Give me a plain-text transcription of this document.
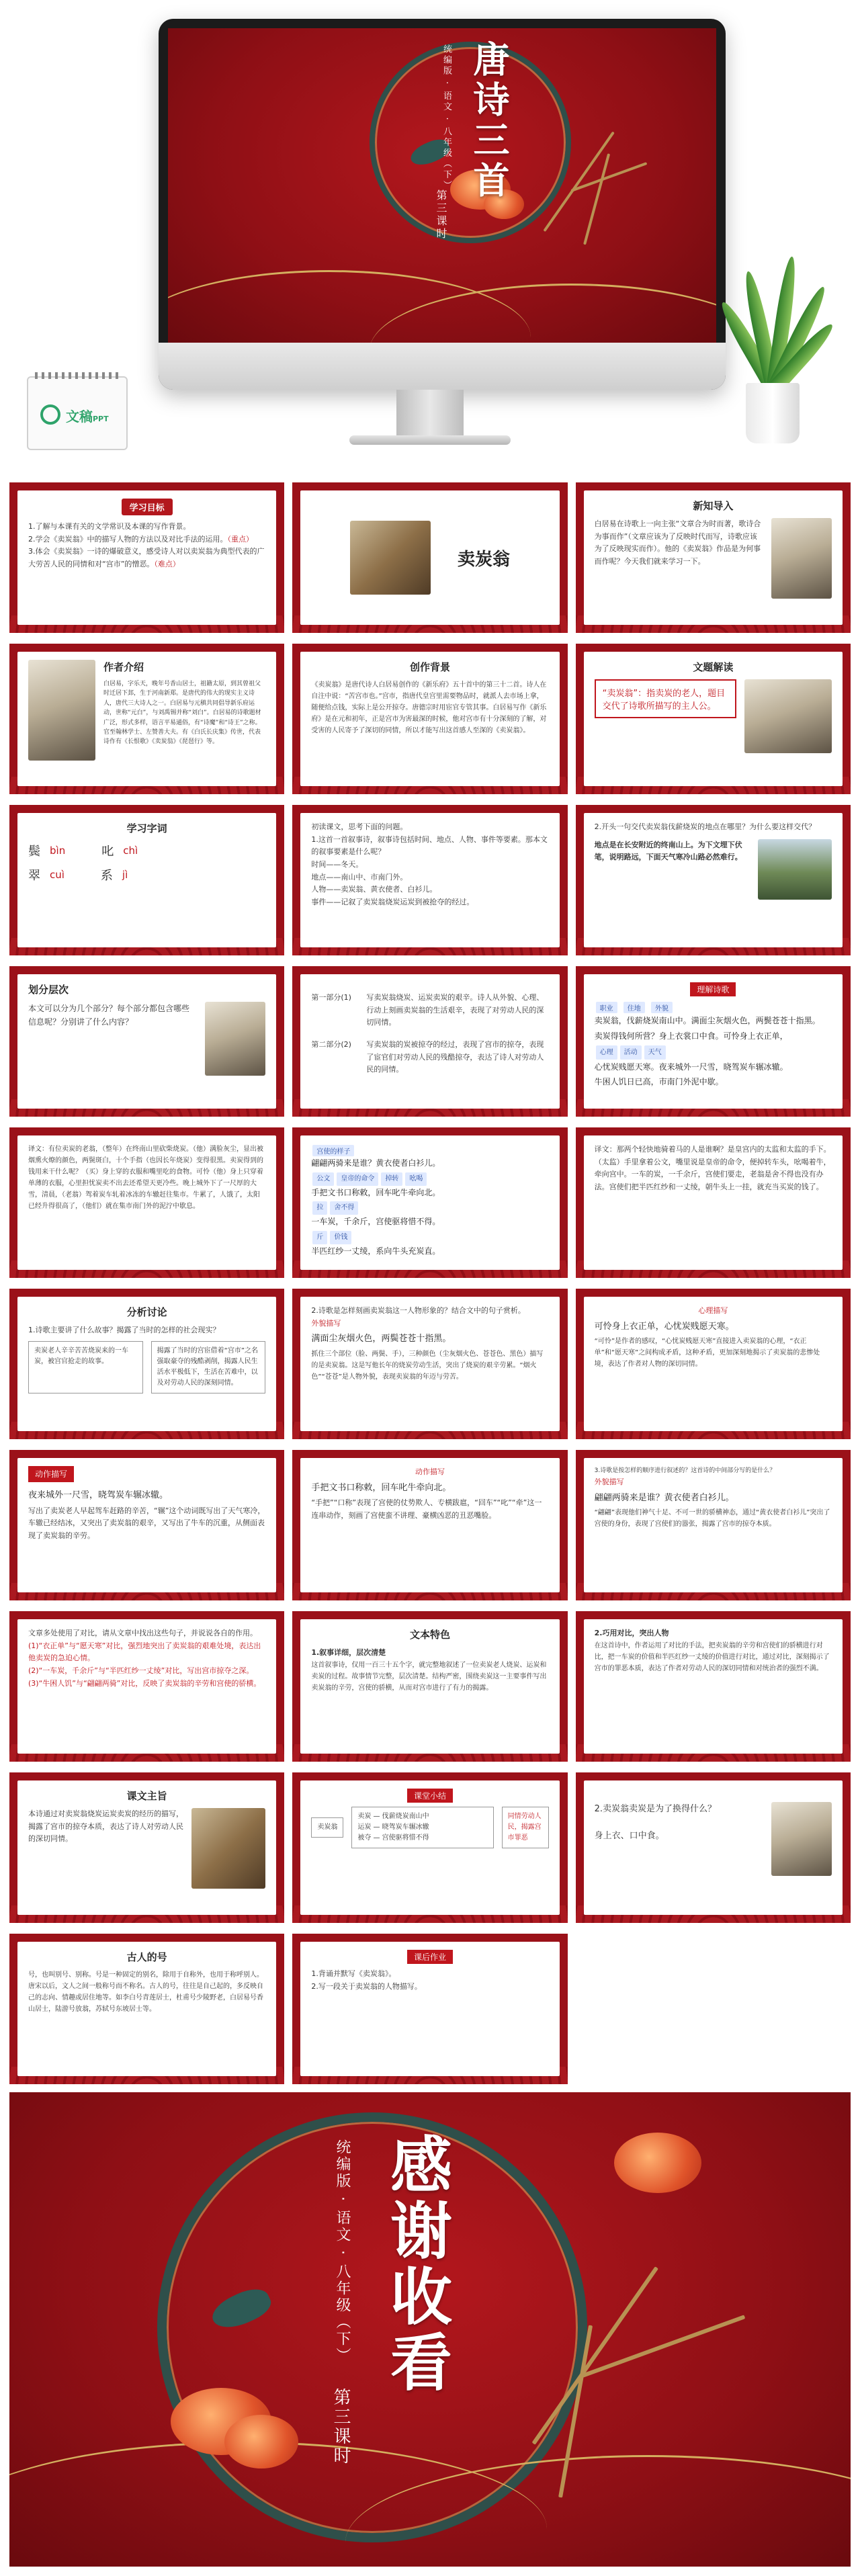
唐诗三首
统编版 · 语文 · 八年级（下）
第三课时
文稿PPT
学习目标
1.了解与本课有关的文学常识及本课的写作背景。
2.学会《卖炭翁》中的描写人物的方法以及对比手法的运用。（重点）
3.体会《卖炭翁》一诗的爆破意义，感受诗人对以卖炭翁为典型代表的广大劳苦人民的同情和对“宫市”的憎恶。（难点）	卖炭翁
新知导入
白居易在诗歌上一向主张“文章合为时而著，歌诗合为事而作”（文章应该为了反映时代而写，诗歌应该为了反映现实而作）。他的《卖炭翁》作品是为何事而作呢？今天我们就来学习一下。
作者介绍
白居易，字乐天，晚年号香山居士，祖籍太原，到其曾祖父时迁居下邽，生于河南新郑。是唐代的伟大的现实主义诗人，唐代三大诗人之一。白居易与元稹共同倡导新乐府运动，世称“元白”，与刘禹锡并称“刘白”。白居易的诗歌题材广泛，形式多样，语言平易通俗，有“诗魔”和“诗王”之称。官至翰林学士、左赞善大夫。有《白氏长庆集》传世，代表诗作有《长恨歌》《卖炭翁》《琵琶行》等。
创作背景
《卖炭翁》是唐代诗人白居易创作的《新乐府》五十首中的第三十二首。诗人在自注中说：“苦宫市也。”宫市，指唐代皇宫里需要物品时，就派人去市场上拿，随便给点钱，实际上是公开掠夺。唐德宗时用宦官专管其事。白居易写作《新乐府》是在元和初年，正是宫市为害最深的时候，他对宫市有十分深刻的了解，对受害的人民寄予了深切的同情，所以才能写出这首感人至深的《卖炭翁》。
文题解读
“卖炭翁”：指卖炭的老人，题目交代了诗歌所描写的主人公。
学习字词
鬓 bìn	叱 chì
翠 cuì	系 jì
初读课文，思考下面的问题。
1.这首一首叙事诗，叙事诗包括时间、地点、人物、事件等要素。那本文的叙事要素是什么呢？
时间——冬天。
地点——南山中、市南门外。
人物——卖炭翁、黄衣使者、白衫儿。
事件——记叙了卖炭翁烧炭运炭到被抢夺的经过。
2.开头一句交代卖炭翁伐薪烧炭的地点在哪里？为什么要这样交代？
地点是在长安附近的终南山上。为下文埋下伏笔，说明路远，下面天气寒冷山路必然难行。
划分层次
本文可以分为几个部分？每个部分都包含哪些信息呢？分别讲了什么内容？
第一部分(1)	写卖炭翁烧炭、运炭卖炭的艰辛。诗人从外貌、心理、行动上刻画卖炭翁的生活艰辛，表现了对劳动人民的深切同情。
第二部分(2)	写卖炭翁的炭被掠夺的经过，表现了宫市的掠夺，表现了宦官们对劳动人民的残酷掠夺，表达了诗人对劳动人民的同情。
理解诗歌
职业 住地 外貌
卖炭翁，伐薪烧炭南山中。满面尘灰烟火色，两鬓苍苍十指黑。
卖炭得钱何所营？身上衣裳口中食。可怜身上衣正单，
心理 活动 天气
心忧炭贱愿天寒。夜来城外一尺雪，晓驾炭车辗冰辙。
牛困人饥日已高，市南门外泥中歇。
译文：有位卖炭的老翁，（整年）在终南山里砍柴烧炭。（他）满脸灰尘，显出被烟熏火燎的颜色，两鬓斑白，十个手指（也因长年烧炭）变得很黑。卖炭得到的钱用来干什么呢？（买）身上穿的衣服和嘴里吃的食物。可怜（他）身上只穿着单薄的衣服，心里担忧炭卖不出去还希望天更冷些。晚上城外下了一尺厚的大雪，清晨，（老翁）驾着炭车轧着冰冻的车辙赶往集市。牛累了，人饿了，太阳已经升得很高了，（他们）就在集市南门外的泥泞中歇息。
宫使的样子
翩翩两骑来是谁？黄衣使者白衫儿。
公文 皇帝的命令 掉转 吆喝
手把文书口称敕，回车叱牛牵向北。
拉 舍不得
一车炭，千余斤，宫使驱将惜不得。
斤 价钱
半匹红纱一丈绫，系向牛头充炭直。
译文：那两个轻快地骑着马的人是谁啊？是皇宫内的太监和太监的手下。（太监）手里拿着公文，嘴里说是皇帝的命令，便掉转车头，吆喝着牛，牵向宫中。一车的炭，一千余斤，宫使们要走，老翁是舍不得也没有办法。宫使们把半匹红纱和一丈绫，朝牛头上一挂，就充当买炭的钱了。
分析讨论
1.诗歌主要讲了什么故事？揭露了当时的怎样的社会现实？
卖炭老人辛辛苦苦烧炭来的一车炭，被宫官抢走的故事。
揭露了当时的宫宦借着“宫市”之名强取豪夺的残酷剥削，揭露人民生活水平极低下，生活在苦难中，以及对劳动人民的深刻同情。
2.诗歌是怎样刻画卖炭翁这一人物形象的？结合文中的句子赏析。
外貌描写
满面尘灰烟火色，两鬓苍苍十指黑。
抓住三个部位（脸、两鬓、手），三种颜色（尘灰烟火色、苍苍色、黑色）描写的是卖炭翁。这是写他长年的烧炭劳动生活，突出了烧炭的艰辛劳累。“烟火色”“苍苍”是人物外貌，表现卖炭翁的年迈与劳苦。
心理描写
可怜身上衣正单，心忧炭贱愿天寒。
“可怜”是作者的感叹，“心忧炭贱愿天寒”直接进入卖炭翁的心理，“衣正单”和“愿天寒”之间构成矛盾，这种矛盾，更加深刻地揭示了卖炭翁的悲惨处境，表达了作者对人物的深切同情。
动作描写
夜来城外一尺雪，晓驾炭车辗冰辙。
写出了卖炭老人早起驾车赶路的辛苦，“辗”这个动词既写出了天气寒冷，车辙已经结冰，又突出了卖炭翁的艰辛，又写出了牛车的沉重，从侧面表现了卖炭翁的辛劳。
动作描写
手把文书口称敕，回车叱牛牵向北。
“手把”“口称”表现了宫使的仗势欺人、专横跋扈，“回车”“叱”“牵”这一连串动作，刻画了宫使蛮不讲理、豪横凶恶的丑恶嘴脸。
3.诗歌是按怎样的顺序进行叙述的？这首诗的中间部分写的是什么？
外貌描写
翩翩两骑来是谁？黄衣使者白衫儿。
“翩翩”表现他们神气十足、不可一世的骄横神态，通过“黄衣使者白衫儿”突出了宫使的身份，表现了宫使们的嚣张，揭露了宫市的掠夺本质。
文章多处使用了对比，请从文章中找出这些句子，并说说各自的作用。
(1)“衣正单”与“愿天寒”对比，强烈地突出了卖炭翁的艰难处境，表达出他卖炭的急迫心情。
(2)“一车炭，千余斤”与“半匹红纱一丈绫”对比，写出宫市掠夺之深。
(3)“牛困人饥”与“翩翩两骑”对比，反映了卖炭翁的辛劳和宫使的骄横。
文本特色
1.叙事详细，层次清楚
这首叙事诗，仅用一百三十五个字，就完整地叙述了一位卖炭老人烧炭、运炭和卖炭的过程。故事情节完整，层次清楚。结构严密，围绕卖炭这一主要事件写出卖炭翁的辛劳，宫使的骄横，从而对宫市进行了有力的揭露。
2.巧用对比，突出人物
在这首诗中，作者运用了对比的手法，把卖炭翁的辛劳和宫使们的骄横进行对比，把一车炭的价值和半匹红纱一丈绫的价值进行对比，通过对比，深刻揭示了宫市的罪恶本质，表达了作者对劳动人民的深切同情和对统治者的强烈不满。
课文主旨
本诗通过对卖炭翁烧炭运炭卖炭的经历的描写，揭露了宫市的掠夺本质，表达了诗人对劳动人民的深切同情。
课堂小结
卖炭翁
卖炭 — 伐薪烧炭南山中
运炭 — 晓驾炭车辗冰辙
被夺 — 宫使驱将惜不得
同情劳动人民，揭露宫市罪恶
2.卖炭翁卖炭是为了换得什么？
身上衣、口中食。
古人的号
号，也叫别号、别称。号是一种固定的别名，除用于自称外，也用于称呼别人。唐宋以后，文人之间一般称号而不称名。古人的号，往往是自己起的，多反映自己的志向、情趣或居住地等。如李白号青莲居士，杜甫号少陵野老，白居易号香山居士，陆游号放翁，苏轼号东坡居士等。
课后作业
1.背诵并默写《卖炭翁》。
2.写一段关于卖炭翁的人物描写。
感谢收看
统编版 · 语文 · 八年级（下）
第三课时
